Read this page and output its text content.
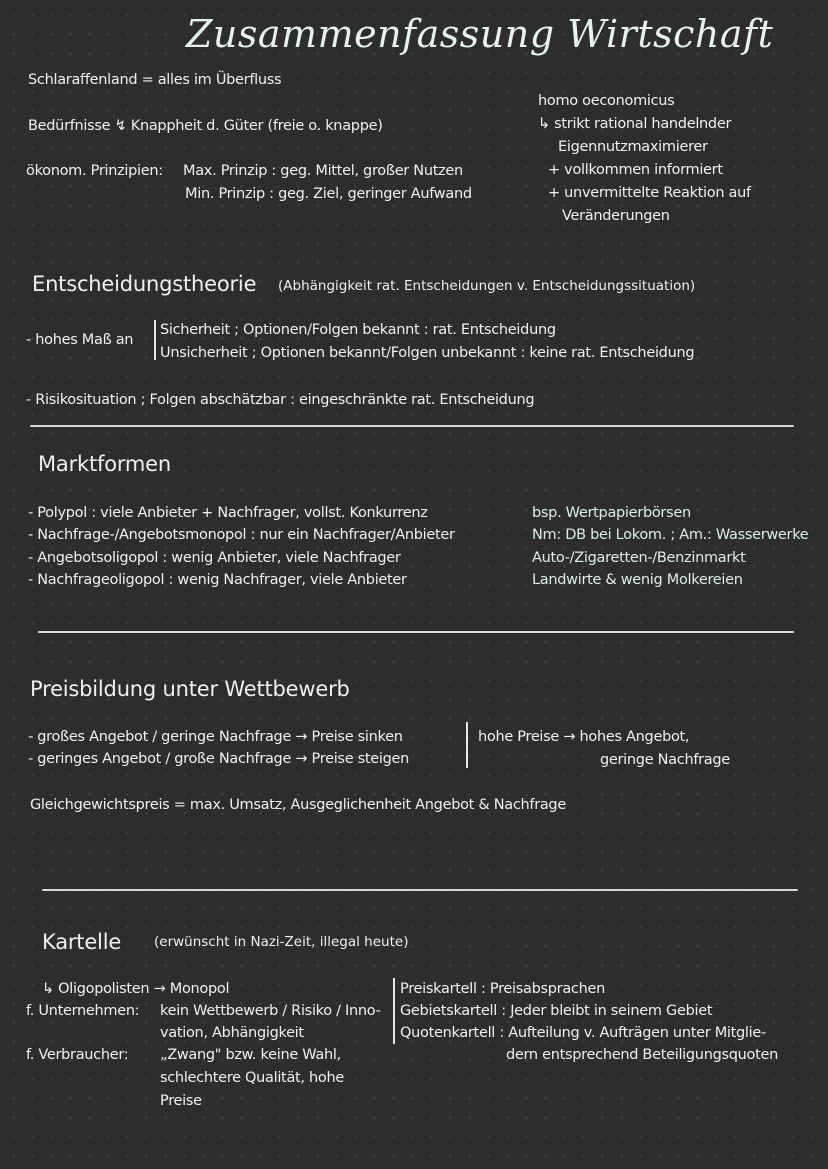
Zusammenfassung Wirtschaft
Schlaraffenland = alles im Überfluss
Bedürfnisse ↯ Knappheit d. Güter (freie o. knappe)
ökonom. Prinzipien: Max. Prinzip : geg. Mittel, großer Nutzen
Min. Prinzip : geg. Ziel, geringer Aufwand
homo oeconomicus
↳ strikt rational handelnder
Eigennutzmaximierer
+ vollkommen informiert
+ unvermittelte Reaktion auf
Veränderungen
Entscheidungstheorie (Abhängigkeit rat. Entscheidungen v. Entscheidungssituation)
- hohes Maß an
Sicherheit ; Optionen/Folgen bekannt : rat. Entscheidung
Unsicherheit ; Optionen bekannt/Folgen unbekannt : keine rat. Entscheidung
- Risikosituation ; Folgen abschätzbar : eingeschränkte rat. Entscheidung
Marktformen
- Polypol : viele Anbieter + Nachfrager, vollst. Konkurrenz
- Nachfrage-/Angebotsmonopol : nur ein Nachfrager/Anbieter
- Angebotsoligopol : wenig Anbieter, viele Nachfrager
- Nachfrageoligopol : wenig Nachfrager, viele Anbieter
bsp. Wertpapierbörsen
Nm: DB bei Lokom. ; Am.: Wasserwerke
Auto-/Zigaretten-/Benzinmarkt
Landwirte & wenig Molkereien
Preisbildung unter Wettbewerb
- großes Angebot / geringe Nachfrage → Preise sinken
- geringes Angebot / große Nachfrage → Preise steigen
hohe Preise → hohes Angebot,
geringe Nachfrage
Gleichgewichtspreis = max. Umsatz, Ausgeglichenheit Angebot & Nachfrage
Kartelle (erwünscht in Nazi-Zeit, illegal heute)
↳ Oligopolisten → Monopol
f. Unternehmen: kein Wettbewerb / Risiko / Inno-
vation, Abhängigkeit
f. Verbraucher: „Zwang" bzw. keine Wahl,
schlechtere Qualität, hohe
Preise
Preiskartell : Preisabsprachen
Gebietskartell : Jeder bleibt in seinem Gebiet
Quotenkartell : Aufteilung v. Aufträgen unter Mitglie-
dern entsprechend Beteiligungsquoten
